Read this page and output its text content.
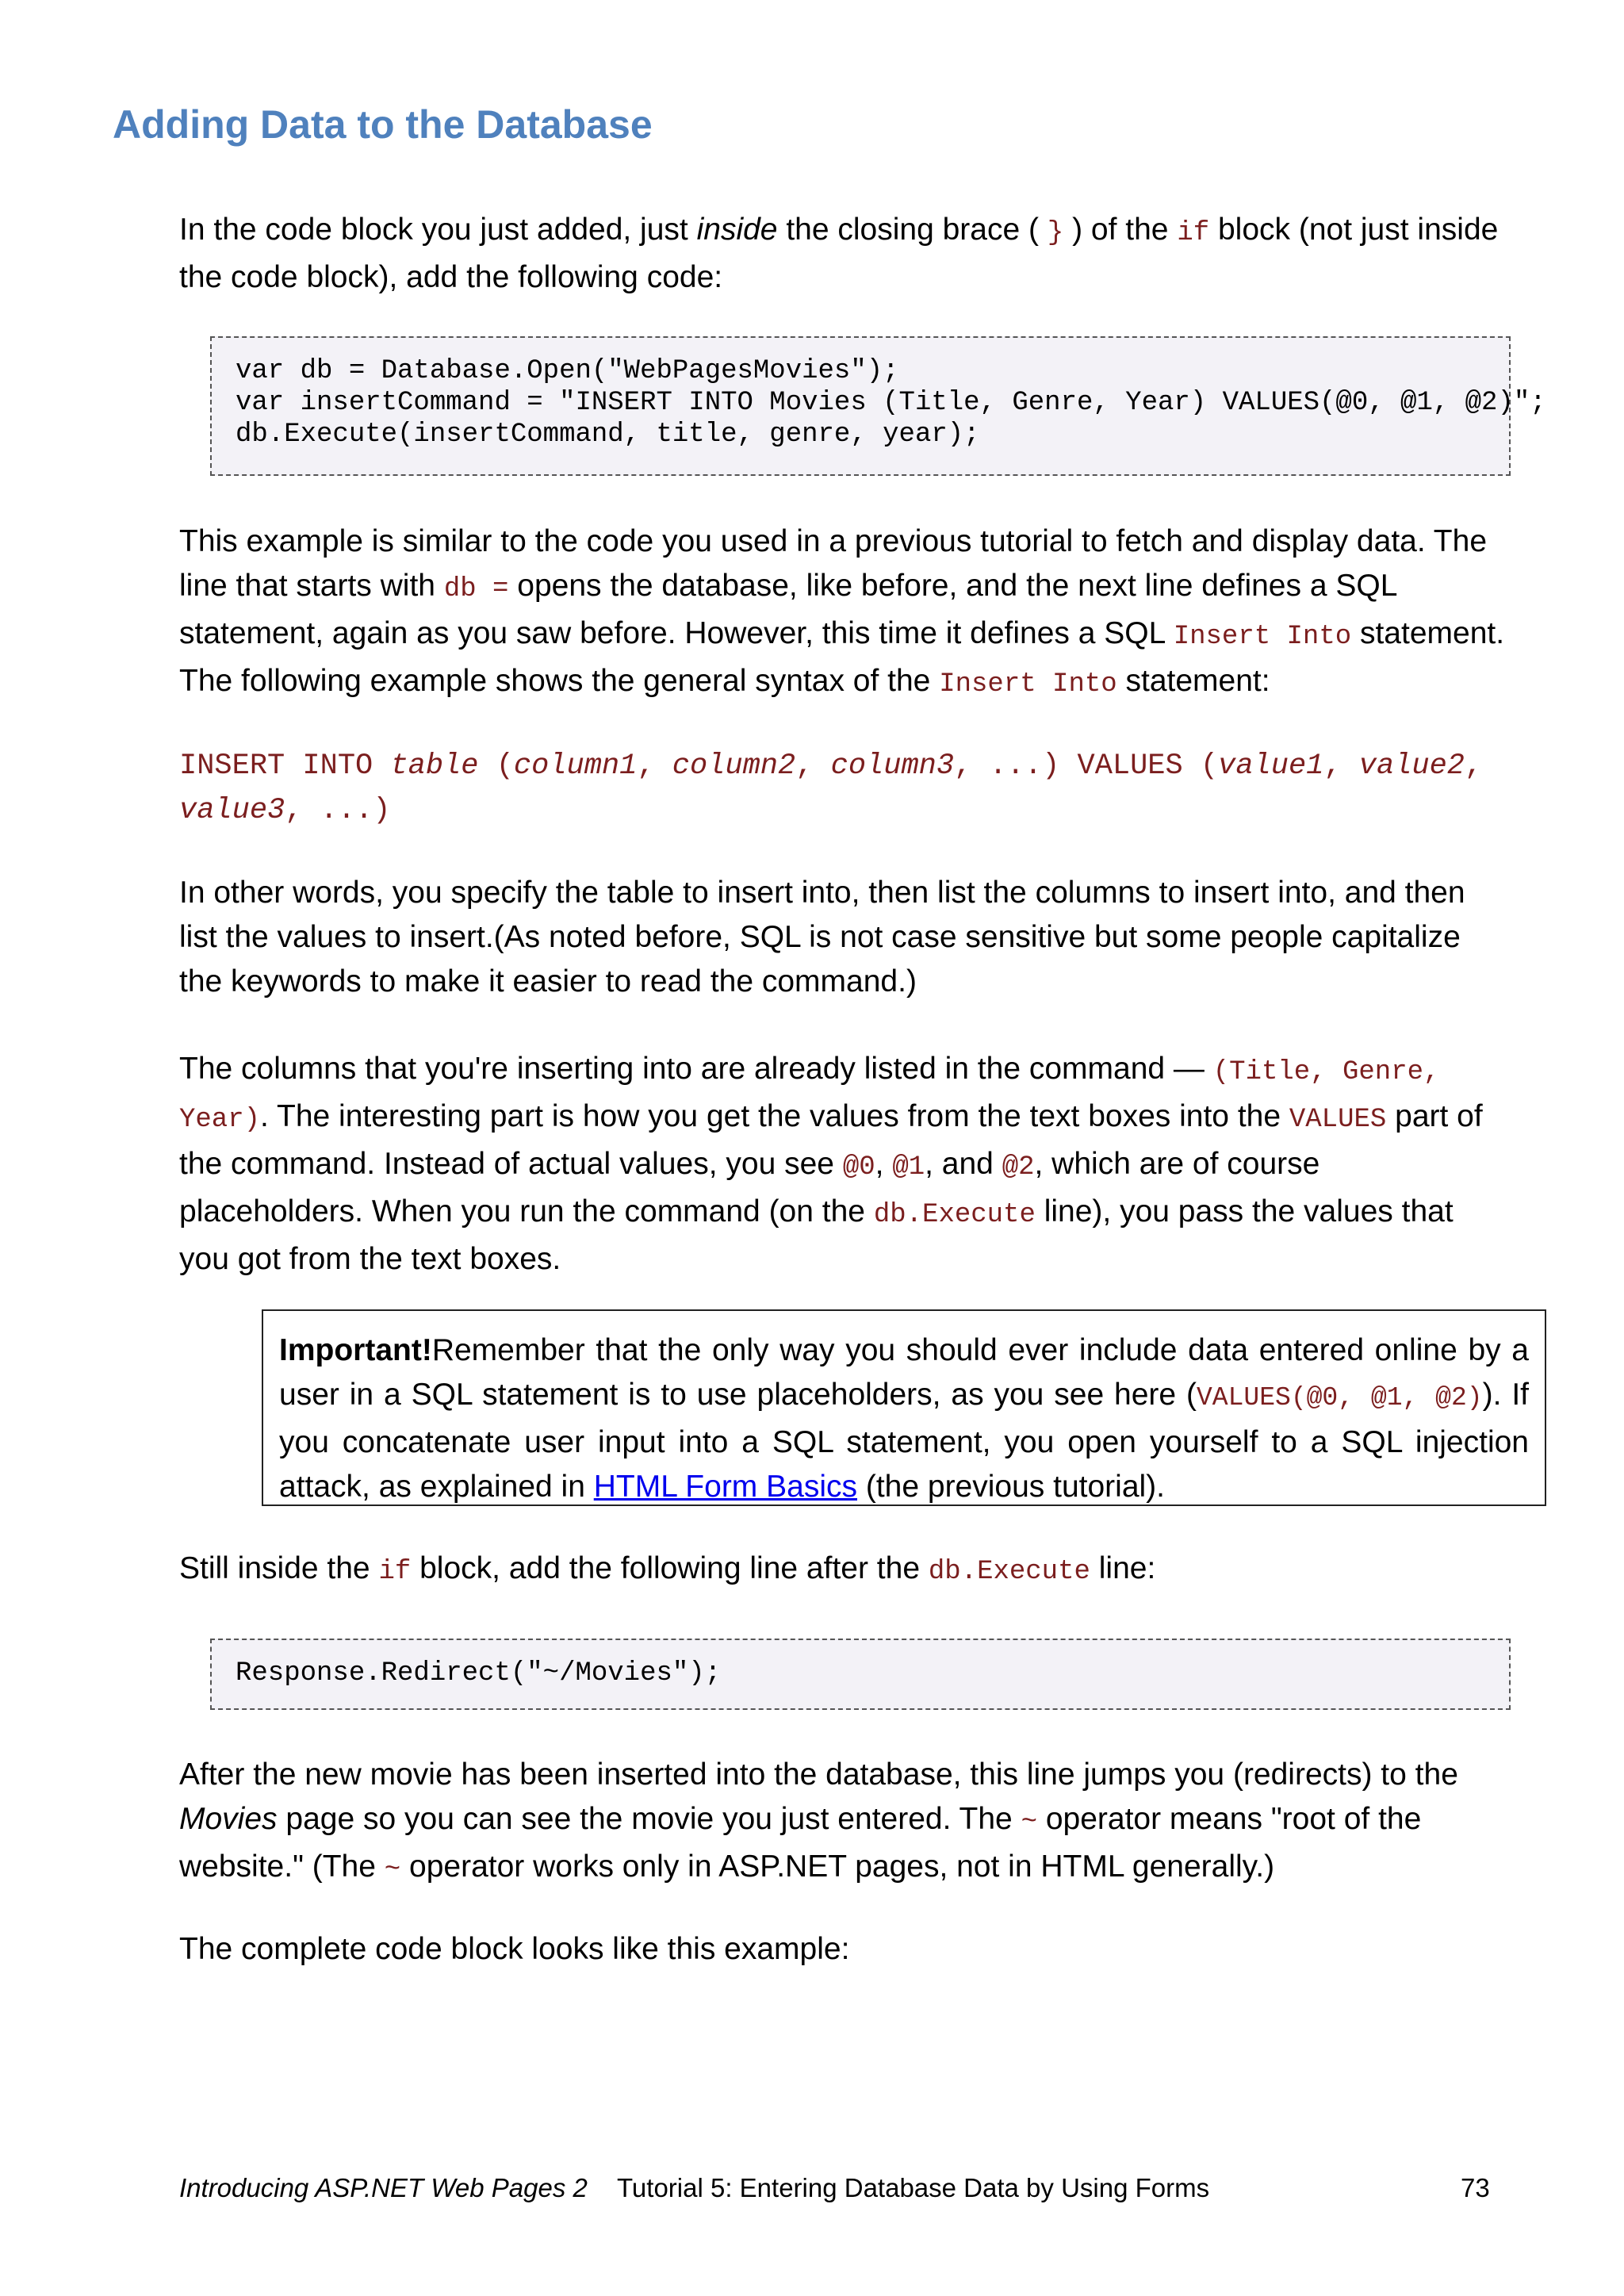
Adding Data to the Database

In the code block you just added, just inside the closing brace ( } ) of the if block (not just inside the code block), add the following code:

var db = Database.Open("WebPagesMovies");
var insertCommand = "INSERT INTO Movies (Title, Genre, Year) VALUES(@0, @1, @2)";
db.Execute(insertCommand, title, genre, year);

This example is similar to the code you used in a previous tutorial to fetch and display data. The line that starts with db = opens the database, like before, and the next line defines a SQL statement, again as you saw before. However, this time it defines a SQL Insert Into statement. The following example shows the general syntax of the Insert Into statement:

INSERT INTO table (column1, column2, column3, ...) VALUES (value1, value2, value3, ...)

In other words, you specify the table to insert into, then list the columns to insert into, and then list the values to insert.(As noted before, SQL is not case sensitive but some people capitalize the keywords to make it easier to read the command.)

The columns that you're inserting into are already listed in the command — (Title, Genre, Year). The interesting part is how you get the values from the text boxes into the VALUES part of the command. Instead of actual values, you see @0, @1, and @2, which are of course placeholders. When you run the command (on the db.Execute line), you pass the values that you got from the text boxes.

Important!Remember that the only way you should ever include data entered online by a user in a SQL statement is to use placeholders, as you see here (VALUES(@0, @1, @2)). If you concatenate user input into a SQL statement, you open yourself to a SQL injection attack, as explained in HTML Form Basics (the previous tutorial).

Still inside the if block, add the following line after the db.Execute line:

Response.Redirect("~/Movies");

After the new movie has been inserted into the database, this line jumps you (redirects) to the Movies page so you can see the movie you just entered. The ~ operator means "root of the website." (The ~ operator works only in ASP.NET pages, not in HTML generally.)

The complete code block looks like this example:

Introducing ASP.NET Web Pages 2 Tutorial 5: Entering Database Data by Using Forms	73
